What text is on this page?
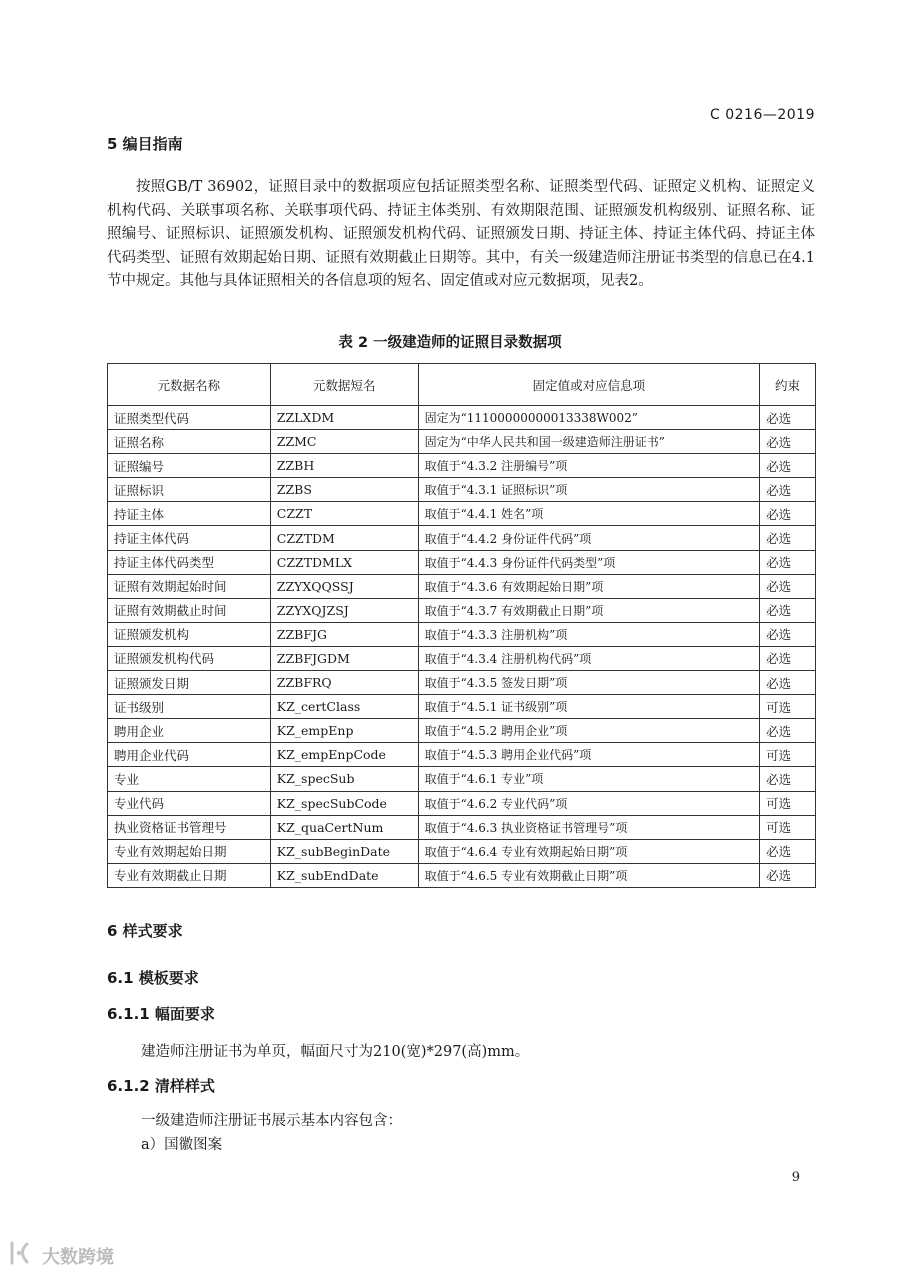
C 0216—2019
5 编目指南
按照GB/T 36902，证照目录中的数据项应包括证照类型名称、证照类型代码、证照定义机构、证照定义机构代码、关联事项名称、关联事项代码、持证主体类别、有效期限范围、证照颁发机构级别、证照名称、证照编号、证照标识、证照颁发机构、证照颁发机构代码、证照颁发日期、持证主体、持证主体代码、持证主体代码类型、证照有效期起始日期、证照有效期截止日期等。其中，有关一级建造师注册证书类型的信息已在4.1节中规定。其他与具体证照相关的各信息项的短名、固定值或对应元数据项，见表2。
表 2 一级建造师的证照目录数据项
元数据名称	元数据短名	固定值或对应信息项	约束
证照类型代码	ZZLXDM	固定为“11100000000013338W002”	必选
证照名称	ZZMC	固定为“中华人民共和国一级建造师注册证书”	必选
证照编号	ZZBH	取值于“4.3.2 注册编号”项	必选
证照标识	ZZBS	取值于“4.3.1 证照标识”项	必选
持证主体	CZZT	取值于“4.4.1 姓名”项	必选
持证主体代码	CZZTDM	取值于“4.4.2 身份证件代码”项	必选
持证主体代码类型	CZZTDMLX	取值于“4.4.3 身份证件代码类型”项	必选
证照有效期起始时间	ZZYXQQSSJ	取值于“4.3.6 有效期起始日期”项	必选
证照有效期截止时间	ZZYXQJZSJ	取值于“4.3.7 有效期截止日期”项	必选
证照颁发机构	ZZBFJG	取值于“4.3.3 注册机构”项	必选
证照颁发机构代码	ZZBFJGDM	取值于“4.3.4 注册机构代码”项	必选
证照颁发日期	ZZBFRQ	取值于“4.3.5 签发日期”项	必选
证书级别	KZ_certClass	取值于“4.5.1 证书级别”项	可选
聘用企业	KZ_empEnp	取值于“4.5.2 聘用企业”项	必选
聘用企业代码	KZ_empEnpCode	取值于“4.5.3 聘用企业代码”项	可选
专业	KZ_specSub	取值于“4.6.1 专业”项	必选
专业代码	KZ_specSubCode	取值于“4.6.2 专业代码”项	可选
执业资格证书管理号	KZ_quaCertNum	取值于“4.6.3 执业资格证书管理号”项	可选
专业有效期起始日期	KZ_subBeginDate	取值于“4.6.4 专业有效期起始日期”项	必选
专业有效期截止日期	KZ_subEndDate	取值于“4.6.5 专业有效期截止日期”项	必选
6 样式要求
6.1 模板要求
6.1.1 幅面要求
建造师注册证书为单页，幅面尺寸为210(宽)*297(高)mm。
6.1.2 清样样式
一级建造师注册证书展示基本内容包含：
a）国徽图案
9
大数跨境
